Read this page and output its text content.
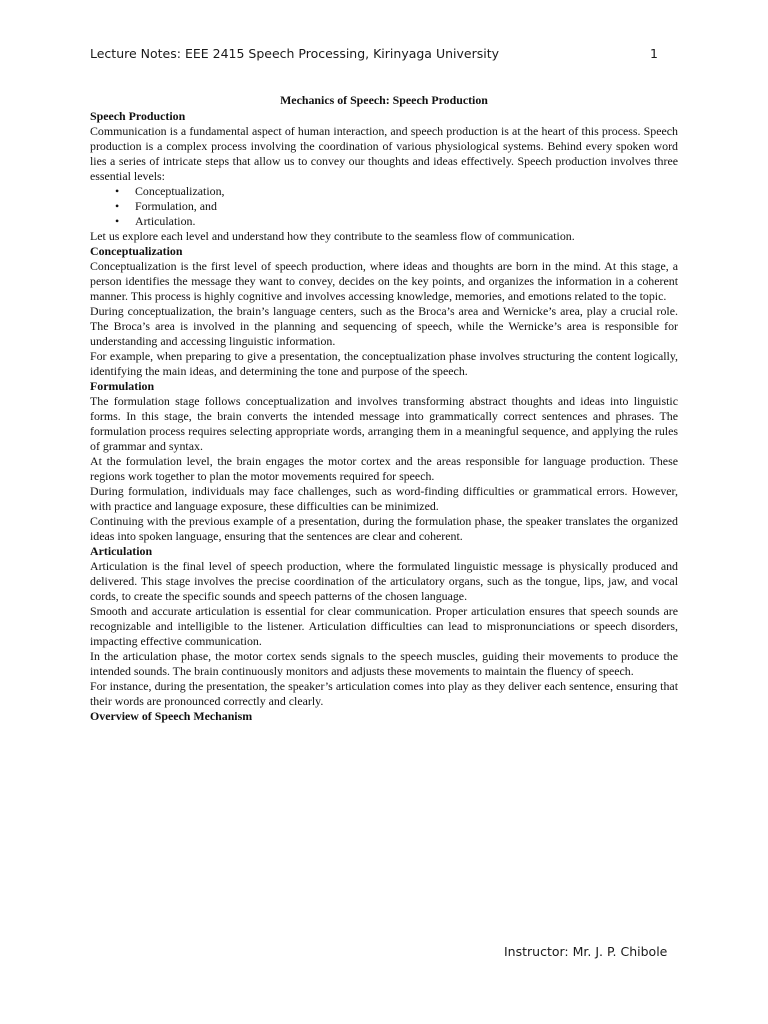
Lecture Notes: EEE 2415 Speech Processing, Kirinyaga University	1
Mechanics of Speech: Speech Production
Speech Production

Communication is a fundamental aspect of human interaction, and speech production is at the heart of this process. Speech production is a complex process involving the coordination of various physiological systems. Behind every spoken word lies a series of intricate steps that allow us to convey our thoughts and ideas effectively. Speech production involves three essential levels:

• Conceptualization,
• Formulation, and
• Articulation.

Let us explore each level and understand how they contribute to the seamless flow of communication.

Conceptualization

Conceptualization is the first level of speech production, where ideas and thoughts are born in the mind. At this stage, a person identifies the message they want to convey, decides on the key points, and organizes the information in a coherent manner. This process is highly cognitive and involves accessing knowledge, memories, and emotions related to the topic.

During conceptualization, the brain’s language centers, such as the Broca’s area and Wernicke’s area, play a crucial role. The Broca’s area is involved in the planning and sequencing of speech, while the Wernicke’s area is responsible for understanding and accessing linguistic information.

For example, when preparing to give a presentation, the conceptualization phase involves structuring the content logically, identifying the main ideas, and determining the tone and purpose of the speech.

Formulation

The formulation stage follows conceptualization and involves transforming abstract thoughts and ideas into linguistic forms. In this stage, the brain converts the intended message into grammatically correct sentences and phrases. The formulation process requires selecting appropriate words, arranging them in a meaningful sequence, and applying the rules of grammar and syntax.

At the formulation level, the brain engages the motor cortex and the areas responsible for language production. These regions work together to plan the motor movements required for speech.

During formulation, individuals may face challenges, such as word-finding difficulties or grammatical errors. However, with practice and language exposure, these difficulties can be minimized.

Continuing with the previous example of a presentation, during the formulation phase, the speaker translates the organized ideas into spoken language, ensuring that the sentences are clear and coherent.

Articulation

Articulation is the final level of speech production, where the formulated linguistic message is physically produced and delivered. This stage involves the precise coordination of the articulatory organs, such as the tongue, lips, jaw, and vocal cords, to create the specific sounds and speech patterns of the chosen language.

Smooth and accurate articulation is essential for clear communication. Proper articulation ensures that speech sounds are recognizable and intelligible to the listener. Articulation difficulties can lead to mispronunciations or speech disorders, impacting effective communication.

In the articulation phase, the motor cortex sends signals to the speech muscles, guiding their movements to produce the intended sounds. The brain continuously monitors and adjusts these movements to maintain the fluency of speech.

For instance, during the presentation, the speaker’s articulation comes into play as they deliver each sentence, ensuring that their words are pronounced correctly and clearly.

Overview of Speech Mechanism
Instructor: Mr. J. P. Chibole
